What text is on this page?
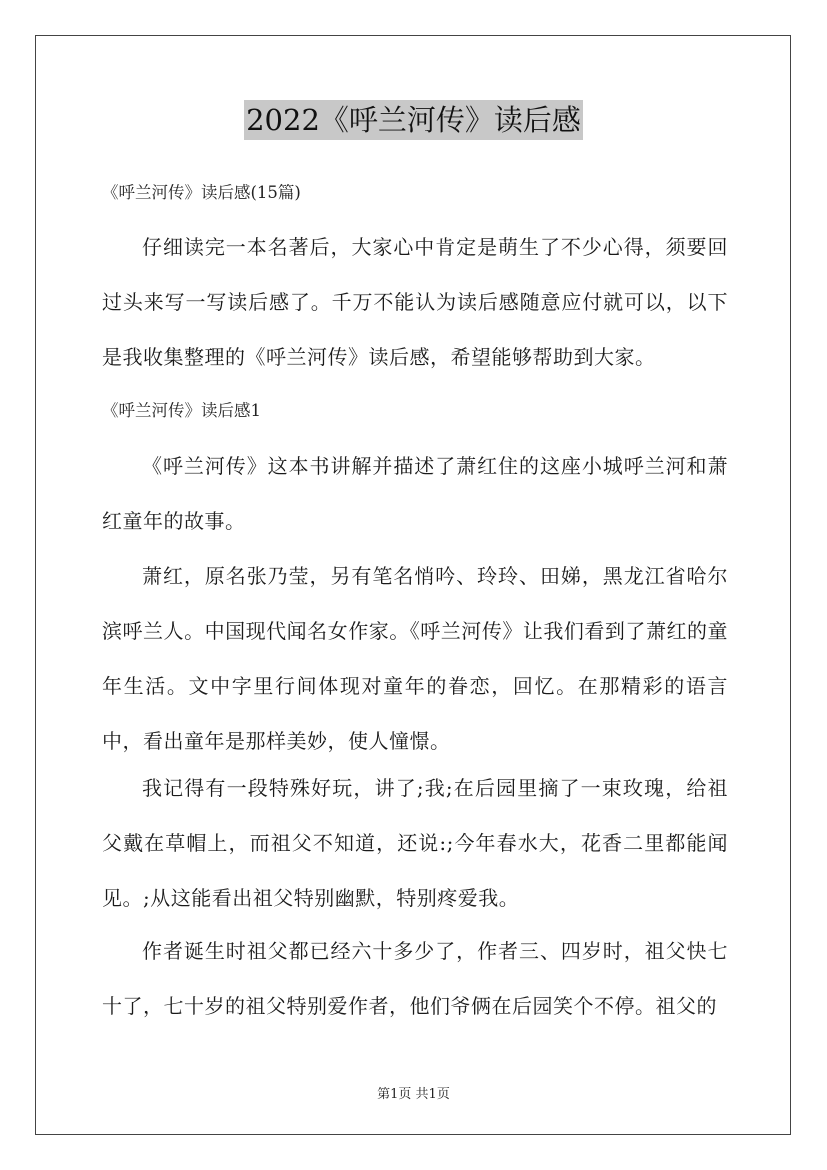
2022《呼兰河传》读后感
《呼兰河传》读后感(15篇)

仔细读完一本名著后，大家心中肯定是萌生了不少心得，须要回过头来写一写读后感了。千万不能认为读后感随意应付就可以，以下是我收集整理的《呼兰河传》读后感，希望能够帮助到大家。

《呼兰河传》读后感1

《呼兰河传》这本书讲解并描述了萧红住的这座小城呼兰河和萧红童年的故事。

萧红，原名张乃莹，另有笔名悄吟、玲玲、田娣，黑龙江省哈尔滨呼兰人。中国现代闻名女作家。《呼兰河传》让我们看到了萧红的童年生活。文中字里行间体现对童年的眷恋，回忆。在那精彩的语言中，看出童年是那样美妙，使人憧憬。

我记得有一段特殊好玩，讲了;我;在后园里摘了一束玫瑰，给祖父戴在草帽上，而祖父不知道，还说:;今年春水大，花香二里都能闻见。;从这能看出祖父特别幽默，特别疼爱我。

作者诞生时祖父都已经六十多少了，作者三、四岁时，祖父快七十了，七十岁的祖父特别爱作者，他们爷俩在后园笑个不停。祖父的

第1页 共1页
